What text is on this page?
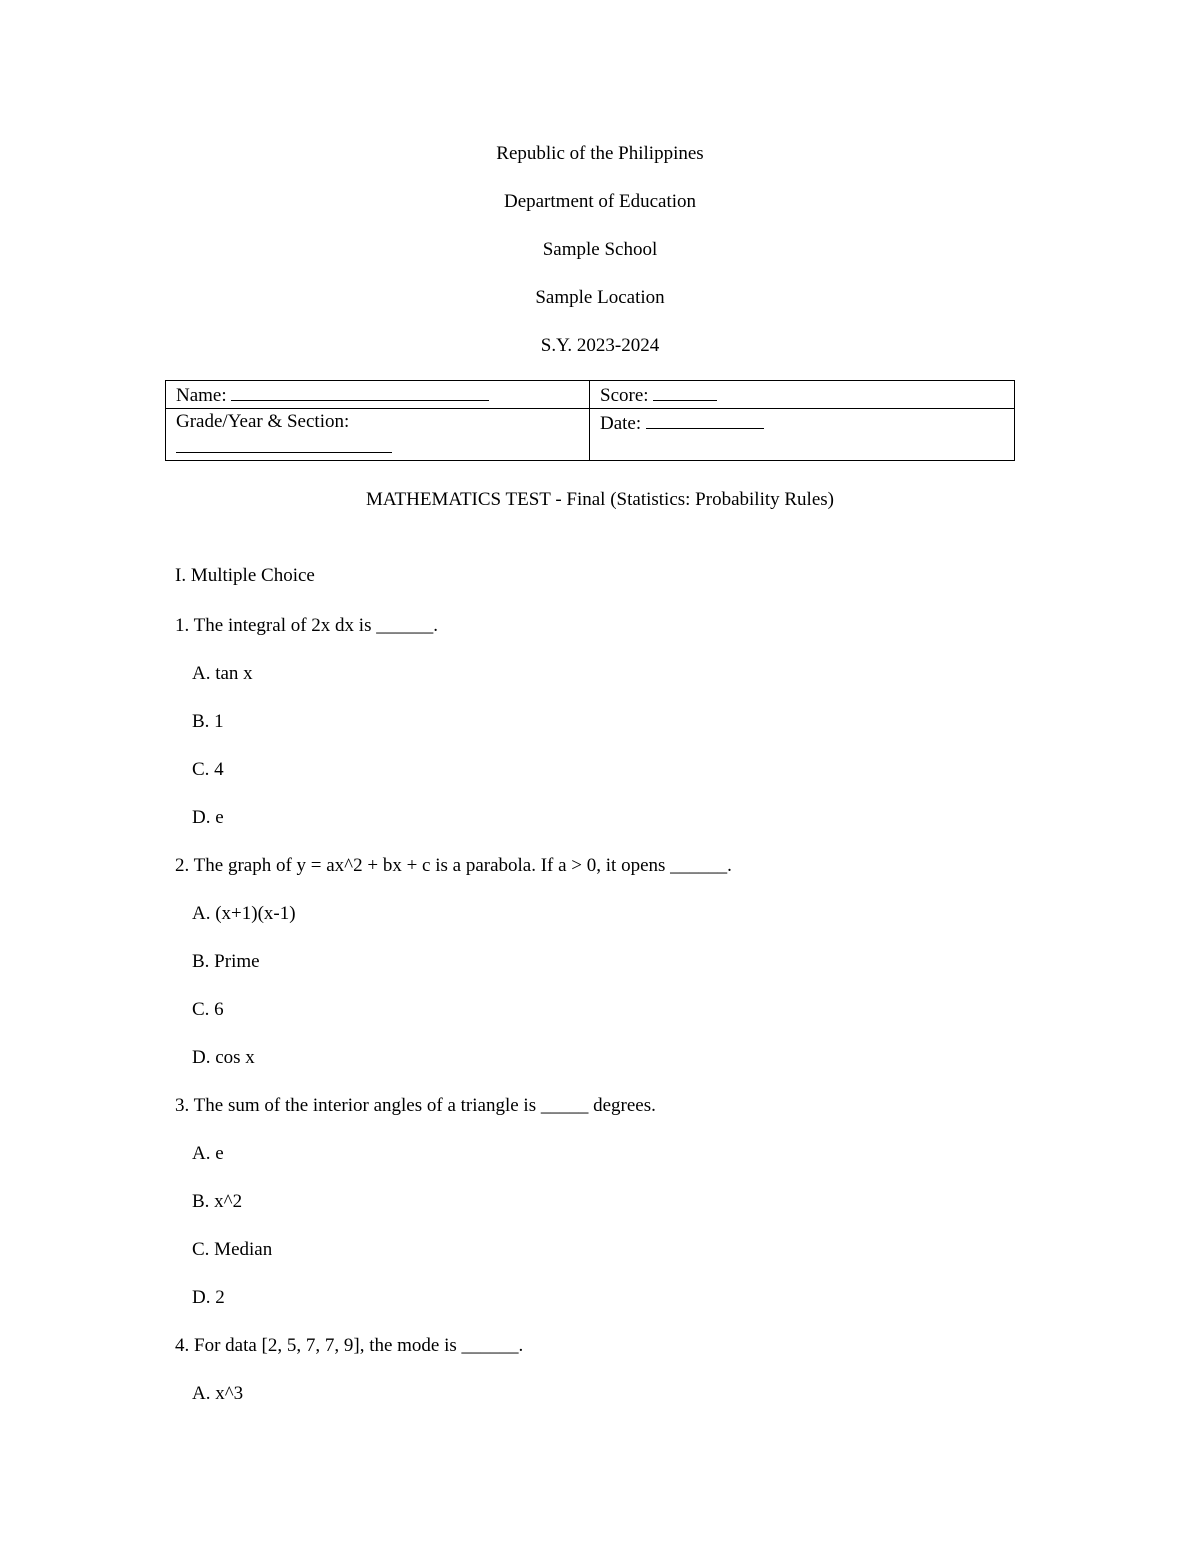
Republic of the Philippines
Department of Education
Sample School
Sample Location
S.Y. 2023-2024
Name:	Score:

Grade/Year & Section:	Date:
MATHEMATICS TEST - Final (Statistics: Probability Rules)
I. Multiple Choice
1. The integral of 2x dx is ______.
A. tan x
B. 1
C. 4
D. e
2. The graph of y = ax^2 + bx + c is a parabola. If a > 0, it opens ______.
A. (x+1)(x-1)
B. Prime
C. 6
D. cos x
3. The sum of the interior angles of a triangle is _____ degrees.
A. e
B. x^2
C. Median
D. 2
4. For data [2, 5, 7, 7, 9], the mode is ______.
A. x^3
